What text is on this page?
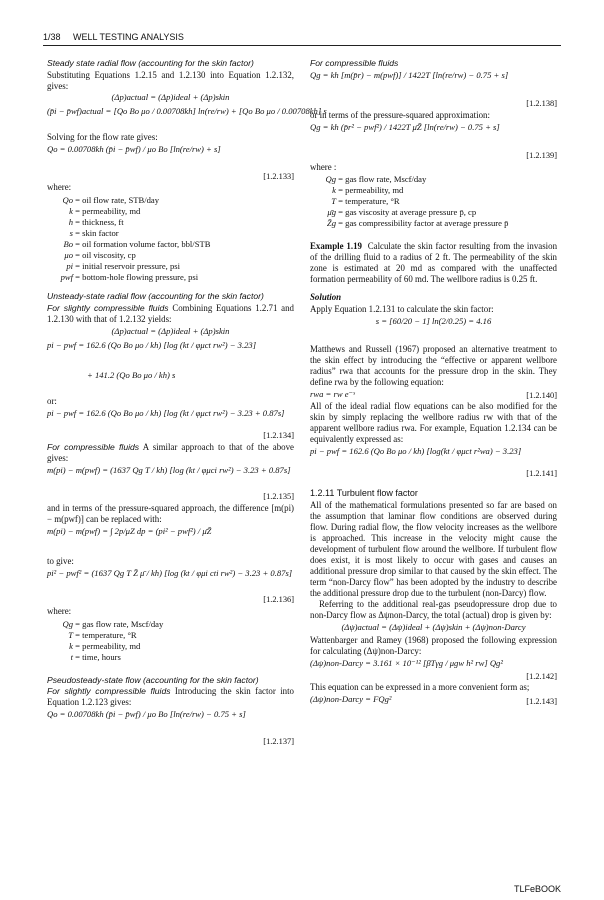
1/38 WELL TESTING ANALYSIS

Steady state radial flow (accounting for the skin factor)

Substituting Equations 1.2.15 and 1.2.130 into Equation 1.2.132, gives:

(Δp)actual = (Δp)ideal + (Δp)skin
(p̄i − p̄wf)actual = [Qo Bo μo / 0.00708kh] ln(re/rw) + [Qo Bo μo / 0.00708kh] s

Solving for the flow rate gives:

Qo = 0.00708kh (p̄i − p̄wf) / μo Bo [ln(re/rw) + s]
[1.2.133]

where:

Qo = oil flow rate, STB/day
k = permeability, md
h = thickness, ft
s = skin factor
Bo = oil formation volume factor, bbl/STB
μo = oil viscosity, cp
pi = initial reservoir pressure, psi
pwf = bottom-hole flowing pressure, psi

Unsteady-state radial flow (accounting for the skin factor)

For slightly compressible fluids Combining Equations 1.2.71 and 1.2.130 with that of 1.2.132 yields:

(Δp)actual = (Δp)ideal + (Δp)skin
pi − pwf = 162.6 (Qo Bo μo / kh) [log (kt / φμct rw²) − 3.23]
+ 141.2 (Qo Bo μo / kh) s

or:

pi − pwf = 162.6 (Qo Bo μo / kh) [log (kt / φμct rw²) − 3.23 + 0.87s]
[1.2.134]

For compressible fluids A similar approach to that of the above gives:

m(pi) − m(pwf) = (1637 Qg T / kh) [log (kt / φμci rw²) − 3.23 + 0.87s]
[1.2.135]

and in terms of the pressure-squared approach, the difference [m(pi) − m(pwf)] can be replaced with:

m(pi) − m(pwf) = ∫ 2p/μZ dp = (pi² − pwf²) / μ̄Z̄

to give:

pi² − pwf² = (1637 Qg T Z̄ μ̄ / kh) [log (kt / φμi cti rw²) − 3.23 + 0.87s]
[1.2.136]

where:

Qg = gas flow rate, Mscf/day
T = temperature, °R
k = permeability, md
t = time, hours

Pseudosteady-state flow (accounting for the skin factor)

For slightly compressible fluids Introducing the skin factor into Equation 1.2.123 gives:

Qo = 0.00708kh (p̄i − p̄wf) / μo Bo [ln(re/rw) − 0.75 + s]
[1.2.137]

For compressible fluids

Qg = kh [m(p̄r) − m(pwf)] / 1422T [ln(re/rw) − 0.75 + s]
[1.2.138]

or in terms of the pressure-squared approximation:

Qg = kh (p̄r² − pwf²) / 1422T μ̄Z̄ [ln(re/rw) − 0.75 + s]
[1.2.139]

where :

Qg = gas flow rate, Mscf/day
k = permeability, md
T = temperature, °R
μ̄g = gas viscosity at average pressure p̄, cp
Z̄g = gas compressibility factor at average pressure p̄

Example 1.19 Calculate the skin factor resulting from the invasion of the drilling fluid to a radius of 2 ft. The permeability of the skin zone is estimated at 20 md as compared with the unaffected formation permeability of 60 md. The wellbore radius is 0.25 ft.

Solution

Apply Equation 1.2.131 to calculate the skin factor:

s = [60/20 − 1] ln(2/0.25) = 4.16

Matthews and Russell (1967) proposed an alternative treatment to the skin effect by introducing the “effective or apparent wellbore radius” rwa that accounts for the pressure drop in the skin. They define rwa by the following equation:

rwa = rw e⁻ˢ	[1.2.140]

All of the ideal radial flow equations can be also modified for the skin by simply replacing the wellbore radius rw with that of the apparent wellbore radius rwa. For example, Equation 1.2.134 can be equivalently expressed as:

pi − pwf = 162.6 (Qo Bo μo / kh) [log(kt / φμct r²wa) − 3.23]
[1.2.141]

1.2.11 Turbulent flow factor

All of the mathematical formulations presented so far are based on the assumption that laminar flow conditions are observed during flow. During radial flow, the flow velocity increases as the wellbore is approached. This increase in the velocity might cause the development of turbulent flow around the wellbore. If turbulent flow does exist, it is most likely to occur with gases and causes an additional pressure drop similar to that caused by the skin effect. The term “non-Darcy flow” has been adopted by the industry to describe the additional pressure drop due to the turbulent (non-Darcy) flow.

Referring to the additional real-gas pseudopressure drop due to non-Darcy flow as Δψnon-Darcy, the total (actual) drop is given by:

(Δψ)actual = (Δψ)ideal + (Δψ)skin + (Δψ)non-Darcy

Wattenbarger and Ramey (1968) proposed the following expression for calculating (Δψ)non-Darcy:

(Δψ)non-Darcy = 3.161 × 10⁻¹² [βTγg / μgw h² rw] Qg²
[1.2.142]

This equation can be expressed in a more convenient form as;

(Δψ)non-Darcy = FQg²	[1.2.143]
TLFeBOOK
